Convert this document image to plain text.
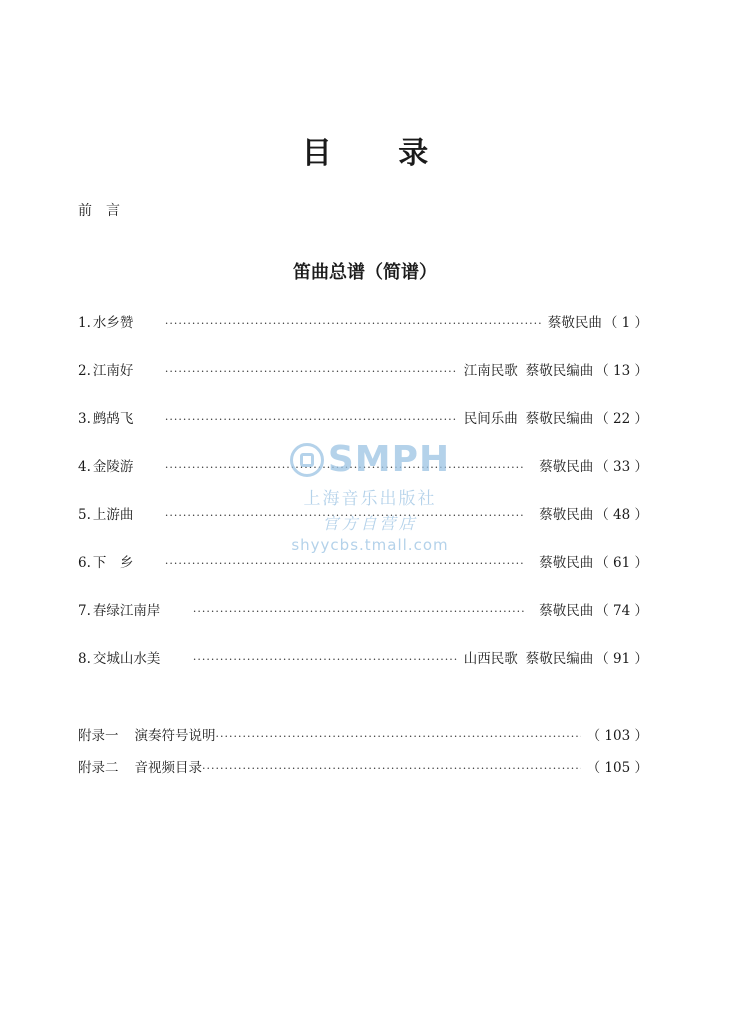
目 录
前言
笛曲总谱（简谱）
1. 水乡赞 ·····	蔡敬民曲 （ 1 ）
2. 江南好 ·····	江南民歌 蔡敬民编曲 （ 13 ）
3. 鹧鸪飞 ·····	民间乐曲 蔡敬民编曲 （ 22 ）
4. 金陵游 ·····	蔡敬民曲 （ 33 ）
5. 上游曲 ·····	蔡敬民曲 （ 48 ）
6. 下　乡 ·····	蔡敬民曲 （ 61 ）
7. 春绿江南岸 ·····	蔡敬民曲 （ 74 ）
8. 交城山水美 ·····	山西民歌 蔡敬民编曲 （ 91 ）
附录一 演奏符号说明 ·····	（ 103 ）
附录二 音视频目录 ·····	（ 105 ）
SMPH
上海音乐出版社
官方自营店
shyycbs.tmall.com
